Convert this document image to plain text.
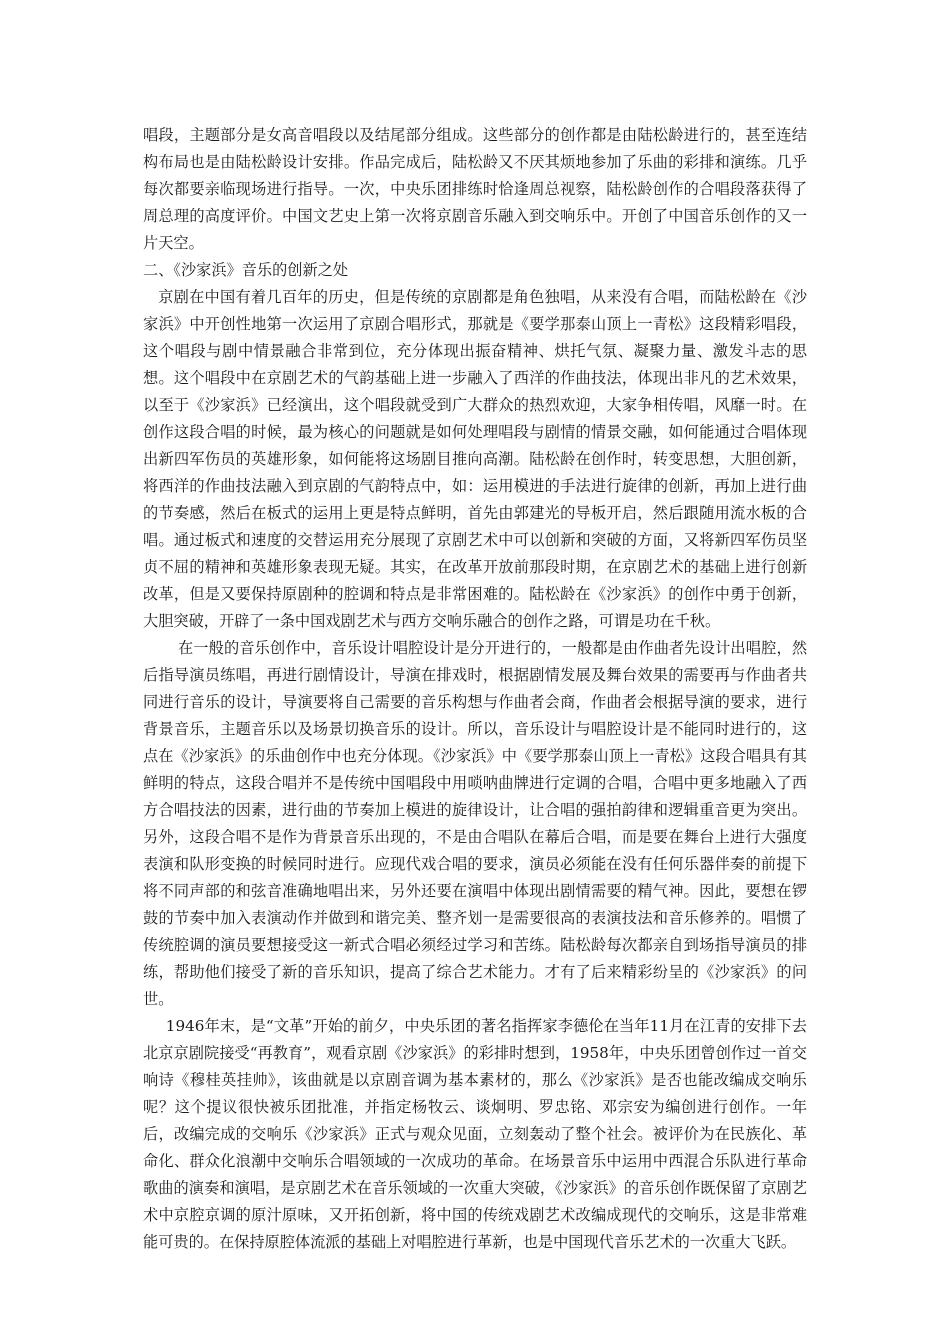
唱段，主题部分是女高音唱段以及结尾部分组成。这些部分的创作都是由陆松龄进行的，甚至连结构布局也是由陆松龄设计安排。作品完成后，陆松龄又不厌其烦地参加了乐曲的彩排和演练。几乎每次都要亲临现场进行指导。一次，中央乐团排练时恰逢周总视察，陆松龄创作的合唱段落获得了周总理的高度评价。中国文艺史上第一次将京剧音乐融入到交响乐中。开创了中国音乐创作的又一片天空。

二、《沙家浜》音乐的创新之处

京剧在中国有着几百年的历史，但是传统的京剧都是角色独唱，从来没有合唱，而陆松龄在《沙家浜》中开创性地第一次运用了京剧合唱形式，那就是《要学那泰山顶上一青松》这段精彩唱段，这个唱段与剧中情景融合非常到位，充分体现出振奋精神、烘托气氛、凝聚力量、激发斗志的思想。这个唱段中在京剧艺术的气韵基础上进一步融入了西洋的作曲技法，体现出非凡的艺术效果，以至于《沙家浜》已经演出，这个唱段就受到广大群众的热烈欢迎，大家争相传唱，风靡一时。在创作这段合唱的时候，最为核心的问题就是如何处理唱段与剧情的情景交融，如何能通过合唱体现出新四军伤员的英雄形象，如何能将这场剧目推向高潮。陆松龄在创作时，转变思想，大胆创新，将西洋的作曲技法融入到京剧的气韵特点中，如：运用模进的手法进行旋律的创新，再加上进行曲的节奏感，然后在板式的运用上更是特点鲜明，首先由郭建光的导板开启，然后跟随用流水板的合唱。通过板式和速度的交替运用充分展现了京剧艺术中可以创新和突破的方面，又将新四军伤员坚贞不屈的精神和英雄形象表现无疑。其实，在改革开放前那段时期，在京剧艺术的基础上进行创新改革，但是又要保持原剧种的腔调和特点是非常困难的。陆松龄在《沙家浜》的创作中勇于创新，大胆突破，开辟了一条中国戏剧艺术与西方交响乐融合的创作之路，可谓是功在千秋。

在一般的音乐创作中，音乐设计唱腔设计是分开进行的，一般都是由作曲者先设计出唱腔，然后指导演员练唱，再进行剧情设计，导演在排戏时，根据剧情发展及舞台效果的需要再与作曲者共同进行音乐的设计，导演要将自己需要的音乐构想与作曲者会商，作曲者会根据导演的要求，进行背景音乐，主题音乐以及场景切换音乐的设计。所以，音乐设计与唱腔设计是不能同时进行的，这点在《沙家浜》的乐曲创作中也充分体现。《沙家浜》中《要学那泰山顶上一青松》这段合唱具有其鲜明的特点，这段合唱并不是传统中国唱段中用唢呐曲牌进行定调的合唱，合唱中更多地融入了西方合唱技法的因素，进行曲的节奏加上模进的旋律设计，让合唱的强拍韵律和逻辑重音更为突出。另外，这段合唱不是作为背景音乐出现的，不是由合唱队在幕后合唱，而是要在舞台上进行大强度表演和队形变换的时候同时进行。应现代戏合唱的要求，演员必须能在没有任何乐器伴奏的前提下将不同声部的和弦音准确地唱出来，另外还要在演唱中体现出剧情需要的精气神。因此，要想在锣鼓的节奏中加入表演动作并做到和谐完美、整齐划一是需要很高的表演技法和音乐修养的。唱惯了传统腔调的演员要想接受这一新式合唱必须经过学习和苦练。陆松龄每次都亲自到场指导演员的排练，帮助他们接受了新的音乐知识，提高了综合艺术能力。才有了后来精彩纷呈的《沙家浜》的问世。

1946年末，是“文革”开始的前夕，中央乐团的著名指挥家李德伦在当年11月在江青的安排下去北京京剧院接受“再教育”，观看京剧《沙家浜》的彩排时想到，1958年，中央乐团曾创作过一首交响诗《穆桂英挂帅》，该曲就是以京剧音调为基本素材的，那么《沙家浜》是否也能改编成交响乐呢？这个提议很快被乐团批准，并指定杨牧云、谈炯明、罗忠铭、邓宗安为编创进行创作。一年后，改编完成的交响乐《沙家浜》正式与观众见面，立刻轰动了整个社会。被评价为在民族化、革命化、群众化浪潮中交响乐合唱领域的一次成功的革命。在场景音乐中运用中西混合乐队进行革命歌曲的演奏和演唱，是京剧艺术在音乐领域的一次重大突破，《沙家浜》的音乐创作既保留了京剧艺术中京腔京调的原汁原味，又开拓创新，将中国的传统戏剧艺术改编成现代的交响乐，这是非常难能可贵的。在保持原腔体流派的基础上对唱腔进行革新，也是中国现代音乐艺术的一次重大飞跃。
